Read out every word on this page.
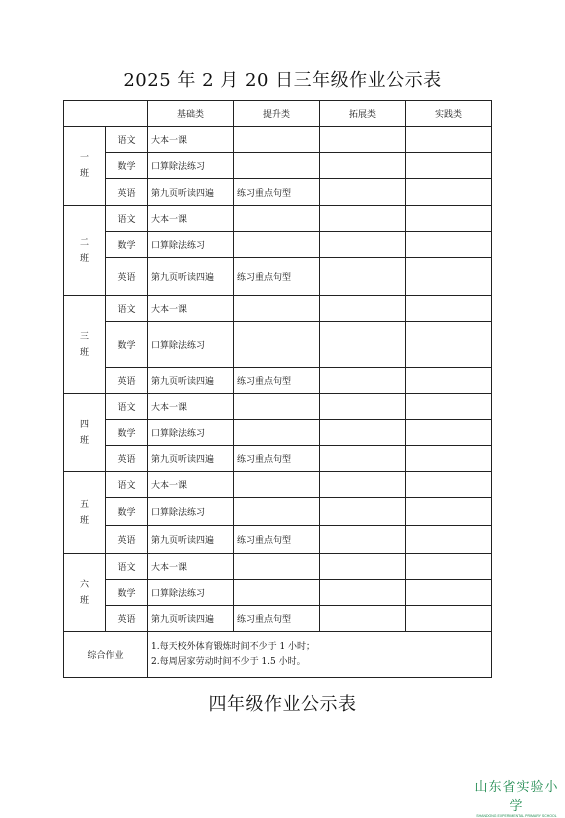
2025 年 2 月 20 日三年级作业公示表
		基础类	提升类	拓展类	实践类

一
班	语文	大本一课			
	数学	口算除法练习			
	英语	第九页听读四遍	练习重点句型		

二
班	语文	大本一课			
	数学	口算除法练习			
	英语	第九页听读四遍	练习重点句型		

三
班	语文	大本一课			
	数学	口算除法练习			
	英语	第九页听读四遍	练习重点句型		

四
班	语文	大本一课			
	数学	口算除法练习			
	英语	第九页听读四遍	练习重点句型		

五
班	语文	大本一课			
	数学	口算除法练习			
	英语	第九页听读四遍	练习重点句型		

六
班	语文	大本一课			
	数学	口算除法练习			
	英语	第九页听读四遍	练习重点句型		
综合作业		1.每天校外体育锻炼时间不少于 1 小时；
2.每周居家劳动时间不少于 1.5 小时。			
四年级作业公示表
山东省实验小学
SHANDONG EXPERIMENTAL PRIMARY SCHOOL
